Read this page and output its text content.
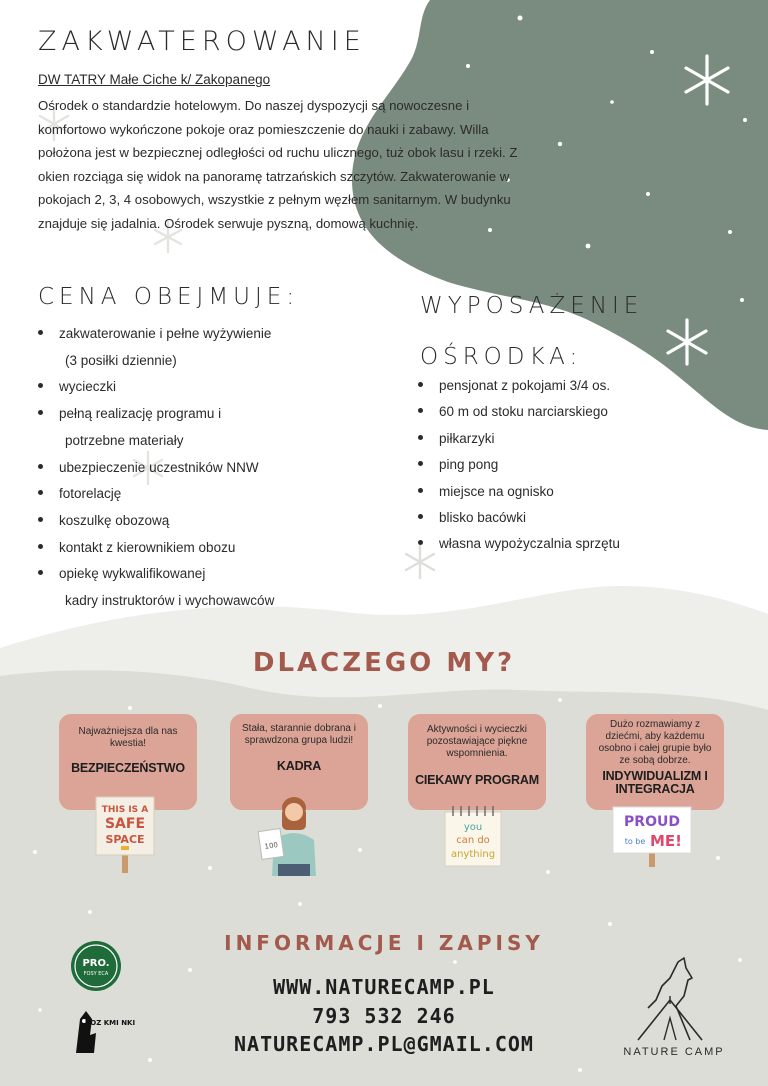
ZAKWATEROWANIE
DW TATRY Małe Ciche k/ Zakopanego
Ośrodek o standardzie hotelowym. Do naszej dyspozycji są nowoczesne i komfortowo wykończone pokoje oraz pomieszczenie do nauki i zabawy. Willa położona jest w bezpiecznej odległości od ruchu ulicznego, tuż obok lasu i rzeki. Z okien rozciąga się widok na panoramę tatrzańskich szczytów. Zakwaterowanie w pokojach 2, 3, 4 osobowych, wszystkie z pełnym węzłem sanitarnym. W budynku znajduje się jadalnia. Ośrodek serwuje pyszną, domową kuchnię.
CENA OBEJMUJE:
zakwaterowanie i pełne wyżywienie
(3 posiłki dziennie)
wycieczki
pełną realizację programu i
potrzebne materiały
ubezpieczenie uczestników NNW
fotorelację
koszulkę obozową
kontakt z kierownikiem obozu
opiekę wykwalifikowanej
kadry instruktorów i wychowawców
WYPOSAŻENIE
OŚRODKA:
pensjonat z pokojami 3/4 os.
60 m od stoku narciarskiego
piłkarzyki
ping pong
miejsce na ognisko
blisko bacówki
własna wypożyczalnia sprzętu
DLACZEGO MY?
Najważniejsza dla nas kwestia!
BEZPIECZEŃSTWO
Stała, starannie dobrana i sprawdzona grupa ludzi!
KADRA
Aktywności i wycieczki pozostawiające piękne wspomnienia.
CIEKAWY PROGRAM
Dużo rozmawiamy z dziećmi, aby każdemu osobno i całej grupie było ze sobą dobrze.
INDYWIDUALIZM I INTEGRACJA
THIS IS A
SAFE
SPACE	100
you
can do
anything
PROUD
to be ME!
INFORMACJE I ZAPISY
WWW.NATURECAMP.PL
793 532 246
NATURECAMP.PL@GMAIL.COM
PRO.
FOSY ECA
ROZ KMI NKI
NATURE CAMP
